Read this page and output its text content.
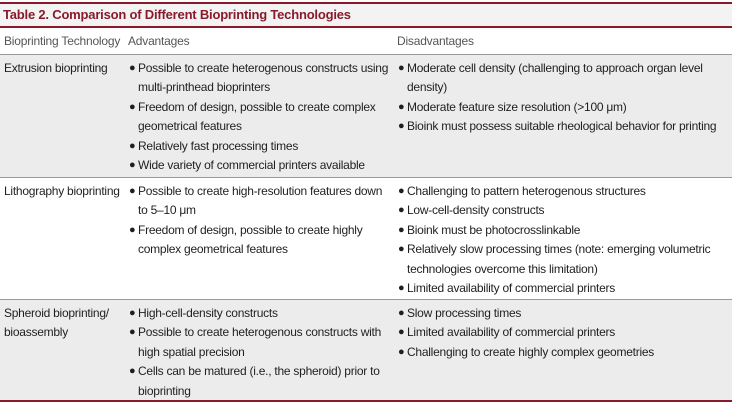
Table 2. Comparison of Different Bioprinting Technologies
Bioprinting Technology Advantages	Disadvantages
Extrusion bioprinting	● Possible to create heterogenous constructs using multi-printhead bioprinters
● Freedom of design, possible to create complex geometrical features
● Relatively fast processing times
● Wide variety of commercial printers available
● Moderate cell density (challenging to approach organ level density)
● Moderate feature size resolution (>100 μm)
● Bioink must possess suitable rheological behavior for printing
Lithography bioprinting ● Possible to create high-resolution features down to 5–10 μm
● Freedom of design, possible to create highly complex geometrical features
● Challenging to pattern heterogenous structures
● Low-cell-density constructs
● Bioink must be photocrosslinkable
● Relatively slow processing times (note: emerging volumetric technologies overcome this limitation)
● Limited availability of commercial printers
Spheroid bioprinting/ bioassembly
● High-cell-density constructs
● Possible to create heterogenous constructs with high spatial precision
● Cells can be matured (i.e., the spheroid) prior to bioprinting
● Slow processing times
● Limited availability of commercial printers
● Challenging to create highly complex geometries
